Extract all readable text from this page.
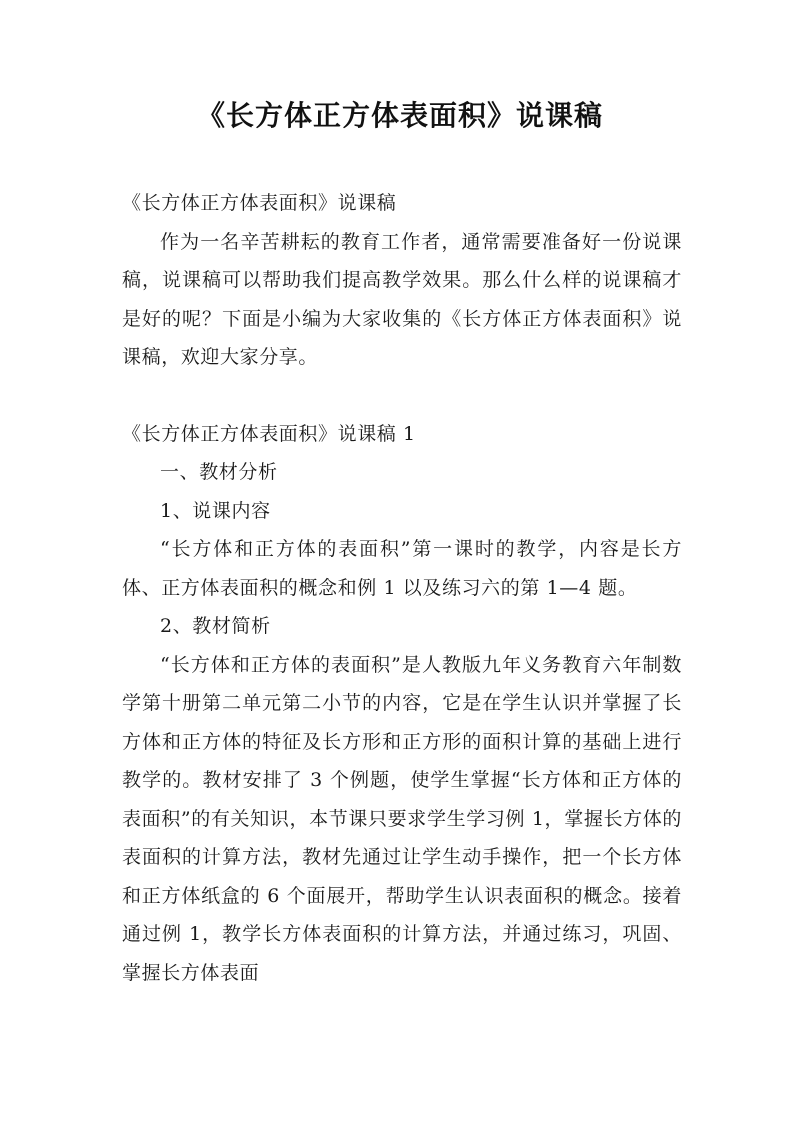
《长方体正方体表面积》说课稿

《长方体正方体表面积》说课稿

作为一名辛苦耕耘的教育工作者，通常需要准备好一份说课稿，说课稿可以帮助我们提高教学效果。那么什么样的说课稿才是好的呢？下面是小编为大家收集的《长方体正方体表面积》说课稿，欢迎大家分享。

《长方体正方体表面积》说课稿 1

一、教材分析

1、说课内容

“长方体和正方体的表面积”第一课时的教学，内容是长方体、正方体表面积的概念和例 1 以及练习六的第 1—4 题。

2、教材简析

“长方体和正方体的表面积”是人教版九年义务教育六年制数学第十册第二单元第二小节的内容，它是在学生认识并掌握了长方体和正方体的特征及长方形和正方形的面积计算的基础上进行教学的。教材安排了 3 个例题，使学生掌握“长方体和正方体的表面积”的有关知识，本节课只要求学生学习例 1，掌握长方体的表面积的计算方法，教材先通过让学生动手操作，把一个长方体和正方体纸盒的 6 个面展开，帮助学生认识表面积的概念。接着通过例 1，教学长方体表面积的计算方法，并通过练习，巩固、掌握长方体表面
